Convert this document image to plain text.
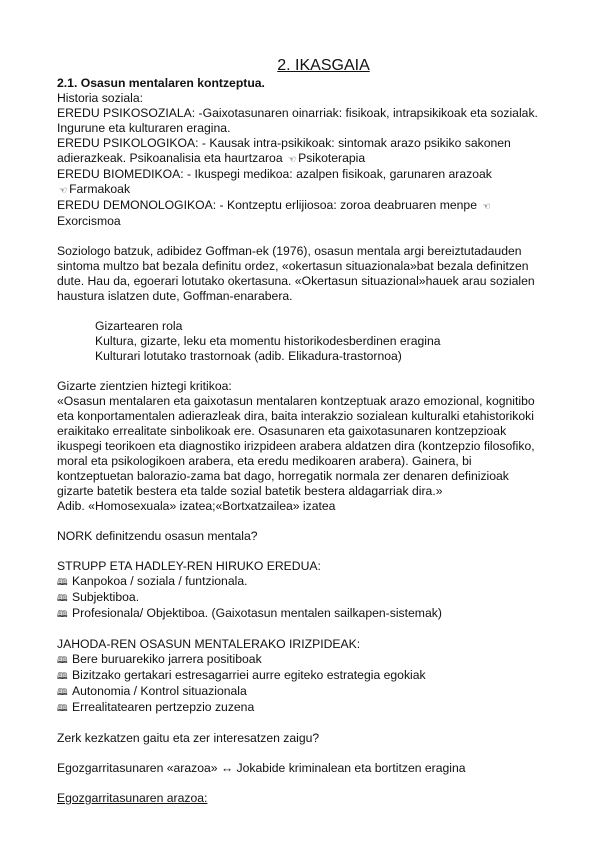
2. IKASGAIA

2.1. Osasun mentalaren kontzeptua.

Historia soziala:

EREDU PSIKOSOZIALA: -Gaixotasunaren oinarriak: fisikoak, intrapsikikoak eta sozialak.

Ingurune eta kulturaren eragina.

EREDU PSIKOLOGIKOA: - Kausak intra-psikikoak: sintomak arazo psikiko sakonen

adierazkeak. Psikoanalisia eta haurtzaroa ☜ Psikoterapia

EREDU BIOMEDIKOA: - Ikuspegi medikoa: azalpen fisikoak, garunaren arazoak

☜ Farmakoak

EREDU DEMONOLOGIKOA: - Kontzeptu erlijiosoa: zoroa deabruaren menpe ☜

Exorcismoa

Soziologo batzuk, adibidez Goffman-ek (1976), osasun mentala argi bereiztutadauden

sintoma multzo bat bezala definitu ordez, «okertasun situazionala»bat bezala definitzen

dute. Hau da, egoerari lotutako okertasuna. «Okertasun situazional»hauek arau sozialen

haustura islatzen dute, Goffman-enarabera.

Gizartearen rola

Kultura, gizarte, leku eta momentu historikodesberdinen eragina

Kulturari lotutako trastornoak (adib. Elikadura-trastornoa)

Gizarte zientzien hiztegi kritikoa:

«Osasun mentalaren eta gaixotasun mentalaren kontzeptuak arazo emozional, kognitibo

eta konportamentalen adierazleak dira, baita interakzio sozialean kulturalki etahistorikoki

eraikitako errealitate sinbolikoak ere. Osasunaren eta gaixotasunaren kontzepzioak

ikuspegi teorikoen eta diagnostiko irizpideen arabera aldatzen dira (kontzepzio filosofiko,

moral eta psikologikoen arabera, eta eredu medikoaren arabera). Gainera, bi

kontzeptuetan balorazio-zama bat dago, horregatik normala zer denaren definizioak

gizarte batetik bestera eta talde sozial batetik bestera aldagarriak dira.»

Adib. «Homosexuala» izatea;«Bortxatzailea» izatea

NORK definitzendu osasun mentala?

STRUPP ETA HADLEY-REN HIRUKO EREDUA:

🕮 Kanpokoa / soziala / funtzionala.
🕮 Subjektiboa.
🕮 Profesionala/ Objektiboa. (Gaixotasun mentalen sailkapen-sistemak)

JAHODA-REN OSASUN MENTALERAKO IRIZPIDEAK:

🕮 Bere buruarekiko jarrera positiboak
🕮 Bizitzako gertakari estresagarriei aurre egiteko estrategia egokiak
🕮 Autonomia / Kontrol situazionala
🕮 Errealitatearen pertzepzio zuzena

Zerk kezkatzen gaitu eta zer interesatzen zaigu?

Egozgarritasunaren «arazoa» ↔ Jokabide kriminalean eta bortitzen eragina

Egozgarritasunaren arazoa:
